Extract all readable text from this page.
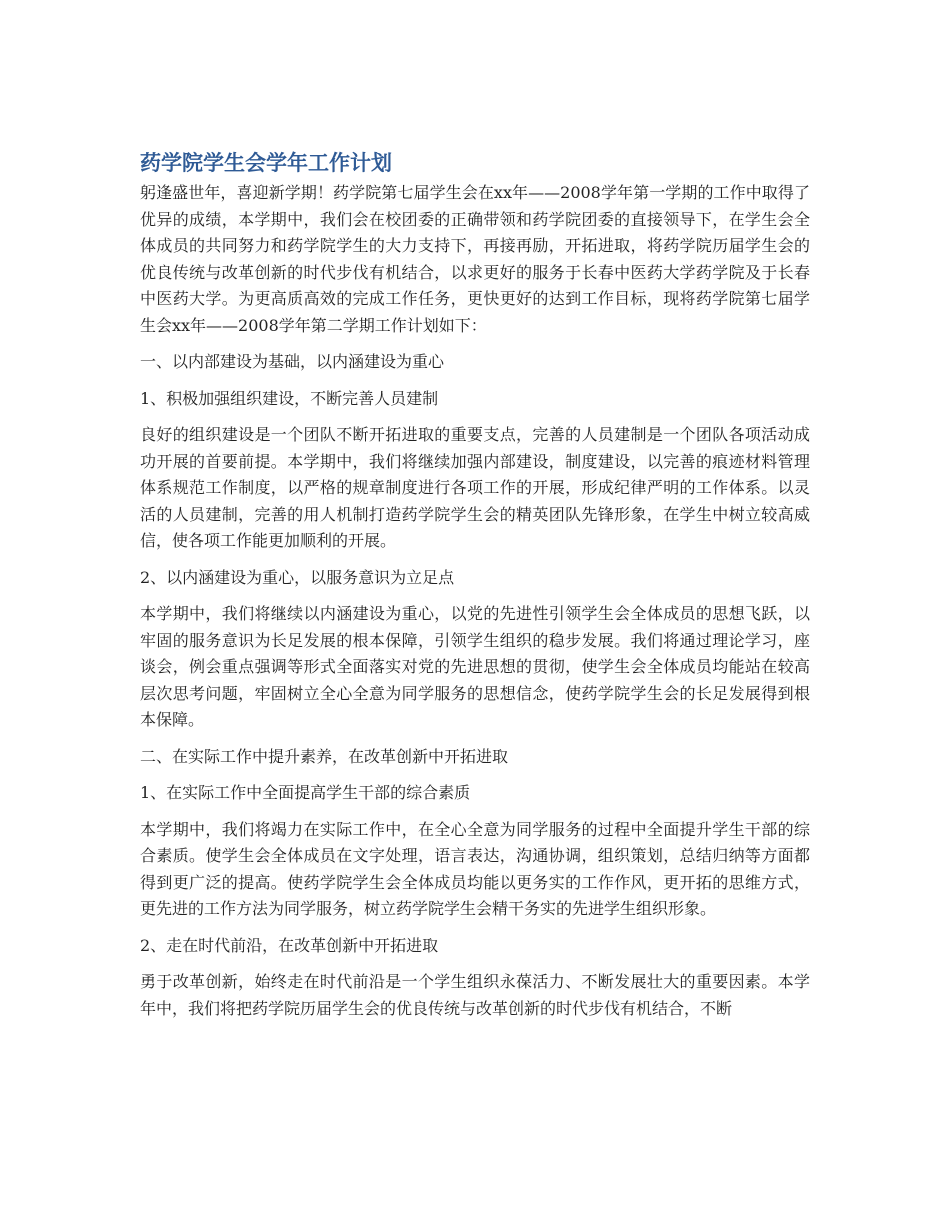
药学院学生会学年工作计划

躬逢盛世年，喜迎新学期！药学院第七届学生会在xx年——2008学年第一学期的工作中取得了优异的成绩，本学期中，我们会在校团委的正确带领和药学院团委的直接领导下，在学生会全体成员的共同努力和药学院学生的大力支持下，再接再励，开拓进取，将药学院历届学生会的优良传统与改革创新的时代步伐有机结合，以求更好的服务于长春中医药大学药学院及于长春中医药大学。为更高质高效的完成工作任务，更快更好的达到工作目标，现将药学院第七届学生会xx年——2008学年第二学期工作计划如下：

一、以内部建设为基础，以内涵建设为重心

1、积极加强组织建设，不断完善人员建制

良好的组织建设是一个团队不断开拓进取的重要支点，完善的人员建制是一个团队各项活动成功开展的首要前提。本学期中，我们将继续加强内部建设，制度建设，以完善的痕迹材料管理体系规范工作制度，以严格的规章制度进行各项工作的开展，形成纪律严明的工作体系。以灵活的人员建制，完善的用人机制打造药学院学生会的精英团队先锋形象，在学生中树立较高威信，使各项工作能更加顺利的开展。

2、以内涵建设为重心，以服务意识为立足点

本学期中，我们将继续以内涵建设为重心，以党的先进性引领学生会全体成员的思想飞跃，以牢固的服务意识为长足发展的根本保障，引领学生组织的稳步发展。我们将通过理论学习，座谈会，例会重点强调等形式全面落实对党的先进思想的贯彻，使学生会全体成员均能站在较高层次思考问题，牢固树立全心全意为同学服务的思想信念，使药学院学生会的长足发展得到根本保障。

二、在实际工作中提升素养，在改革创新中开拓进取

1、在实际工作中全面提高学生干部的综合素质

本学期中，我们将竭力在实际工作中，在全心全意为同学服务的过程中全面提升学生干部的综合素质。使学生会全体成员在文字处理，语言表达，沟通协调，组织策划，总结归纳等方面都得到更广泛的提高。使药学院学生会全体成员均能以更务实的工作作风，更开拓的思维方式，更先进的工作方法为同学服务，树立药学院学生会精干务实的先进学生组织形象。

2、走在时代前沿，在改革创新中开拓进取

勇于改革创新，始终走在时代前沿是一个学生组织永葆活力、不断发展壮大的重要因素。本学年中，我们将把药学院历届学生会的优良传统与改革创新的时代步伐有机结合，不断
